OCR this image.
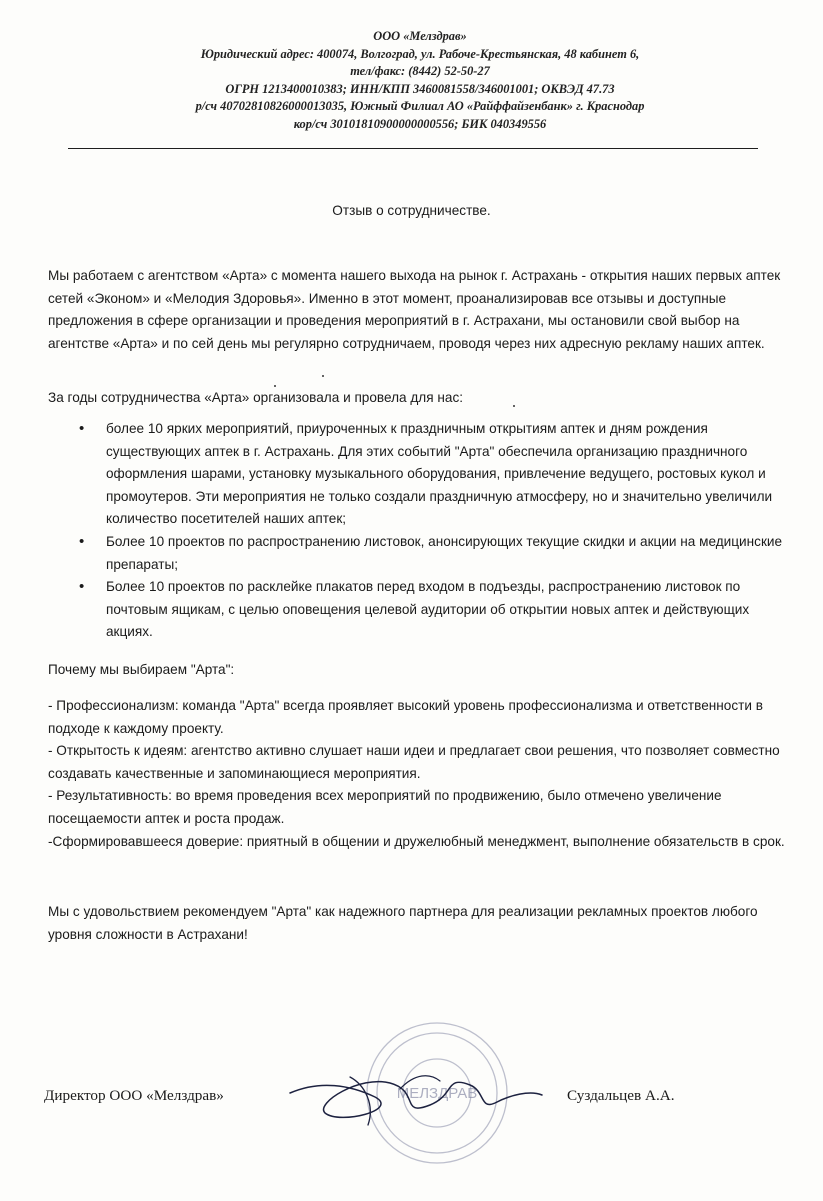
ООО «Мелздрав»
Юридический адрес: 400074, Волгоград, ул. Рабоче-Крестьянская, 48 кабинет 6,
тел/факс: (8442) 52-50-27
ОГРН 1213400010383; ИНН/КПП 3460081558/346001001; ОКВЭД 47.73
р/сч 40702810826000013035, Южный Филиал АО «Райффайзенбанк» г. Краснодар
кор/сч 30101810900000000556; БИК 040349556
Отзыв о сотрудничестве.

Мы работаем с агентством «Арта» с момента нашего выхода на рынок г. Астрахань - открытия наших первых аптек сетей «Эконом» и «Мелодия Здоровья». Именно в этот момент, проанализировав все отзывы и доступные предложения в сфере организации и проведения мероприятий в г. Астрахани, мы остановили свой выбор на агентстве «Арта» и по сей день мы регулярно сотрудничаем, проводя через них адресную рекламу наших аптек.

За годы сотрудничества «Арта» организовала и провела для нас:

• более 10 ярких мероприятий, приуроченных к праздничным открытиям аптек и дням рождения существующих аптек в г. Астрахань. Для этих событий "Арта" обеспечила организацию праздничного оформления шарами, установку музыкального оборудования, привлечение ведущего, ростовых кукол и промоутеров. Эти мероприятия не только создали праздничную атмосферу, но и значительно увеличили количество посетителей наших аптек;
• Более 10 проектов по распространению листовок, анонсирующих текущие скидки и акции на медицинские препараты;
• Более 10 проектов по расклейке плакатов перед входом в подъезды, распространению листовок по почтовым ящикам, с целью оповещения целевой аудитории об открытии новых аптек и действующих акциях.

Почему мы выбираем "Арта":

- Профессионализм: команда "Арта" всегда проявляет высокий уровень профессионализма и ответственности в подходе к каждому проекту.

- Открытость к идеям: агентство активно слушает наши идеи и предлагает свои решения, что позволяет совместно создавать качественные и запоминающиеся мероприятия.

- Результативность: во время проведения всех мероприятий по продвижению, было отмечено увеличение посещаемости аптек и роста продаж.

-Сформировавшееся доверие: приятный в общении и дружелюбный менеджмент, выполнение обязательств в срок.

Мы с удовольствием рекомендуем "Арта" как надежного партнера для реализации рекламных проектов любого уровня сложности в Астрахани!

МЕЛЗДРАВ
Директор ООО «Мелздрав»	Суздальцев А.А.
